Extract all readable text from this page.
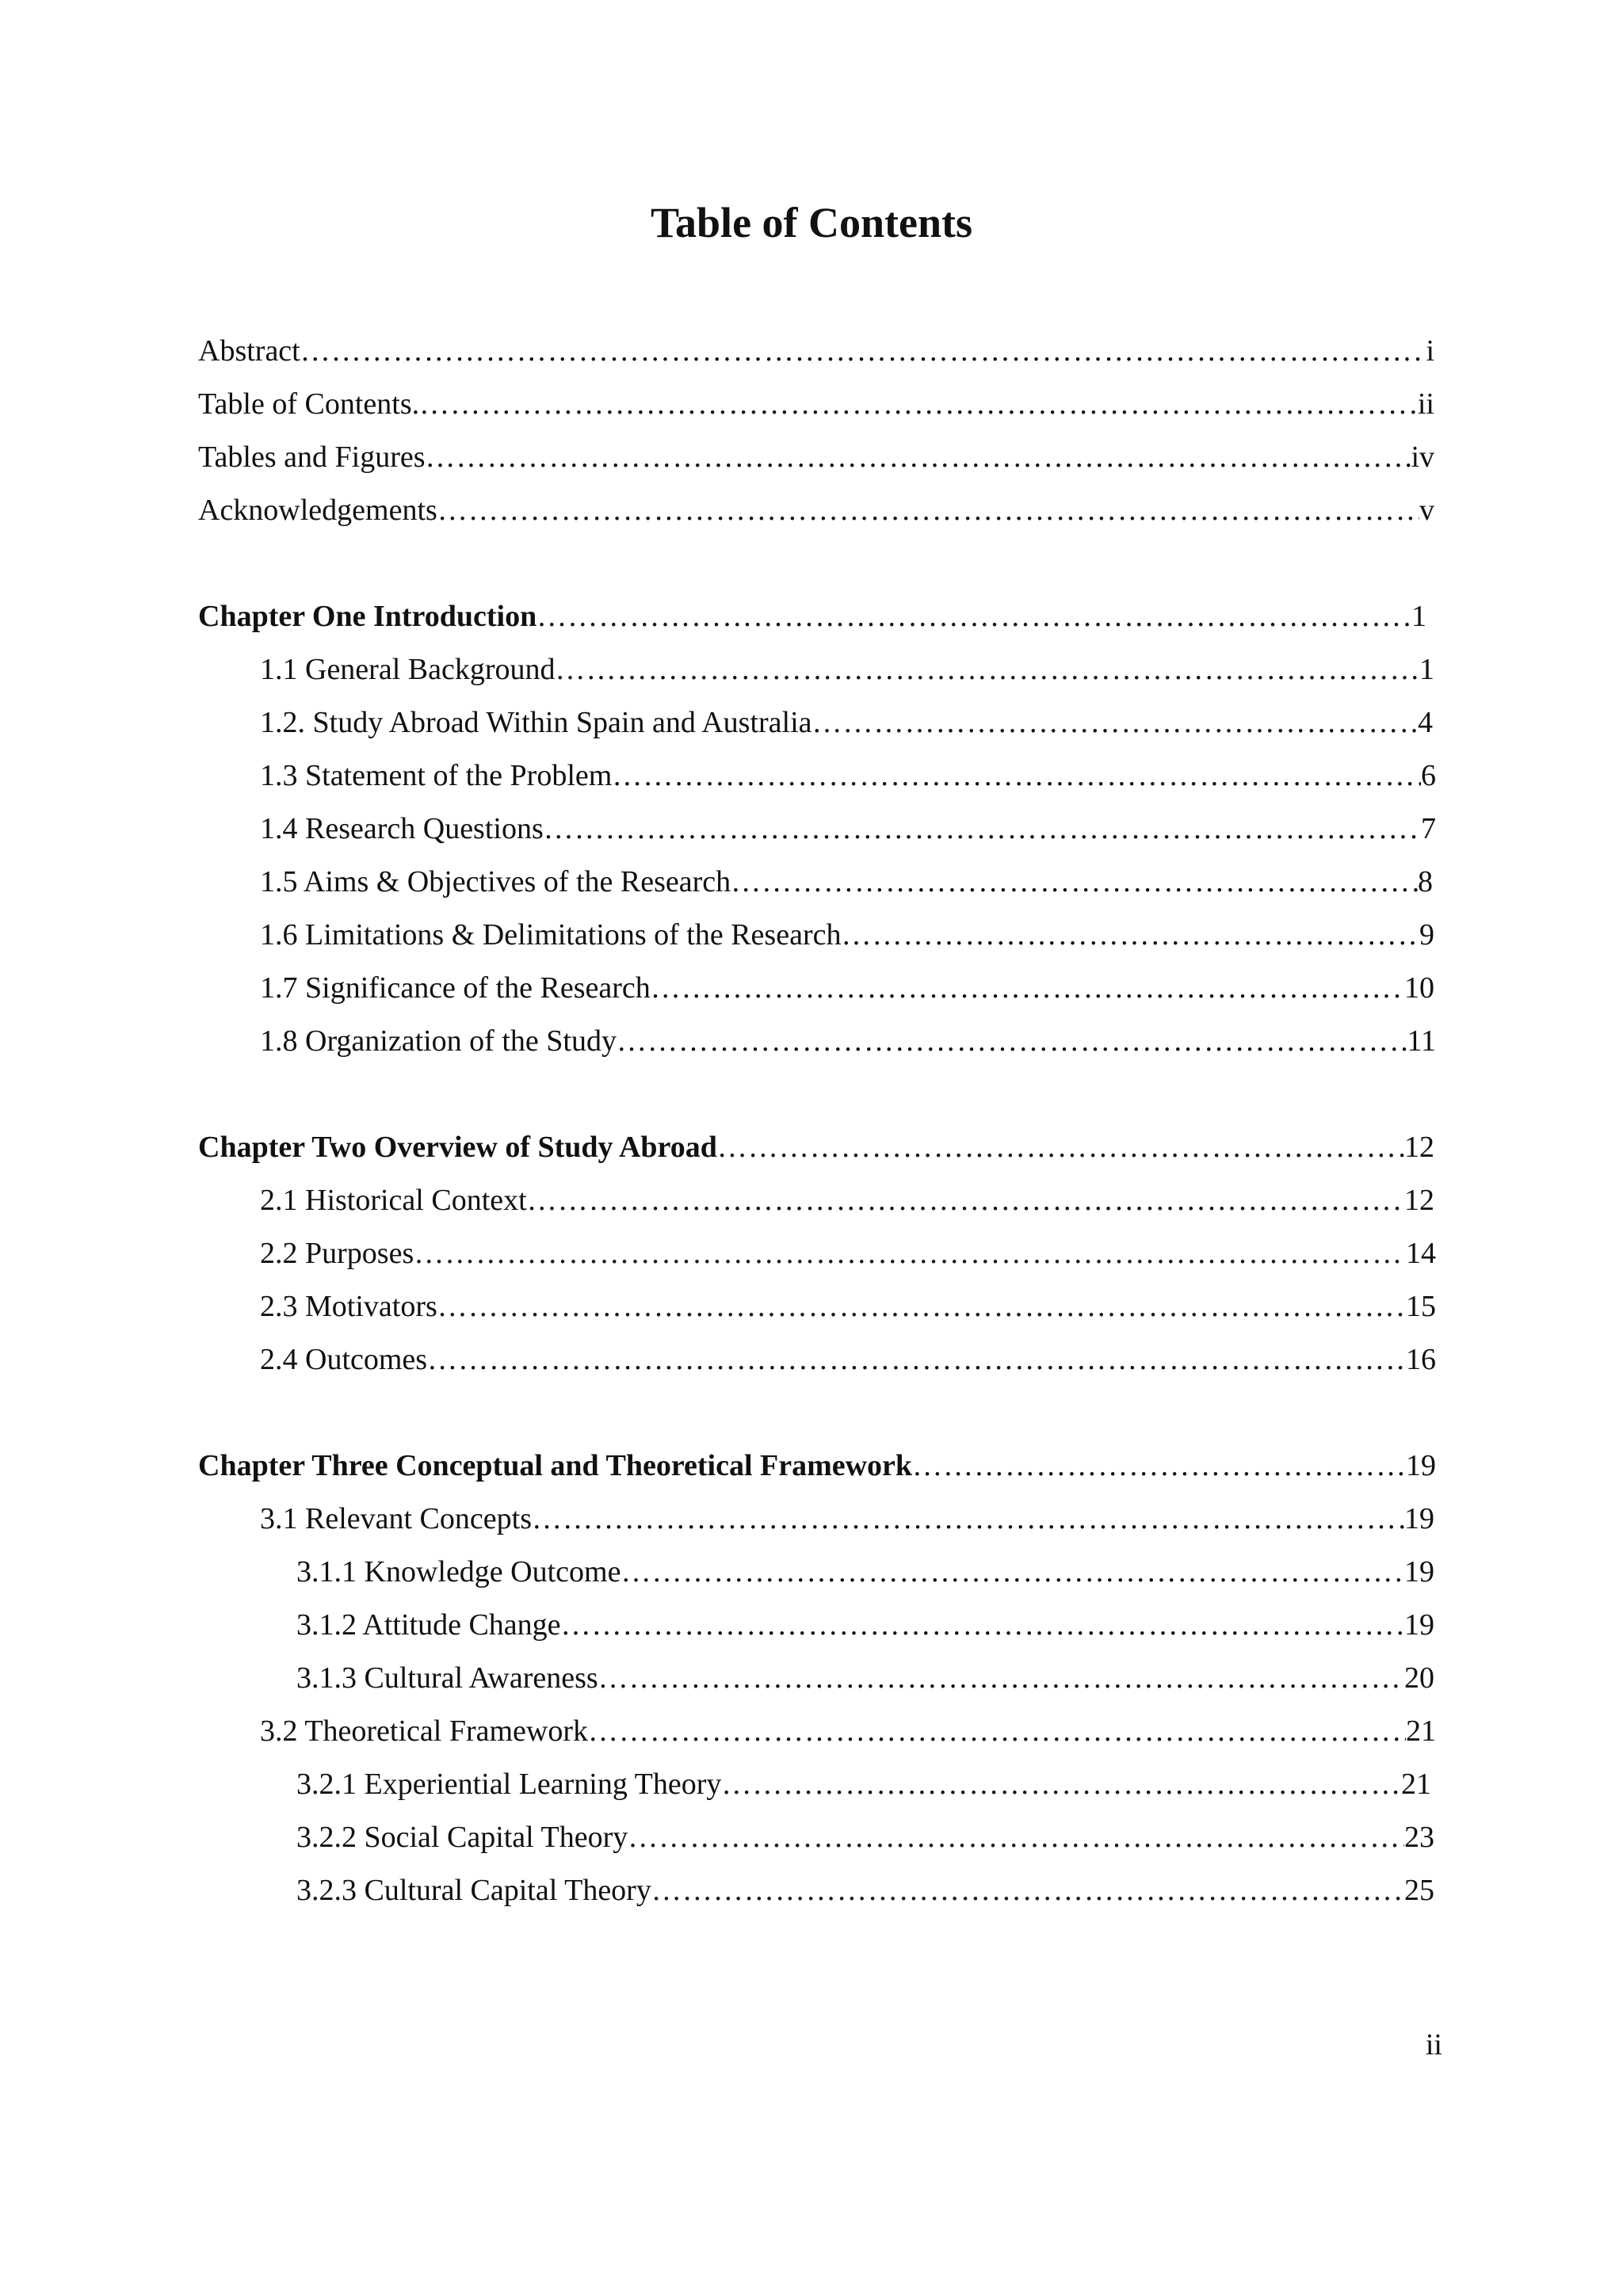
Table of Contents
Abstract ……………………………………………………………………………………………………………………………………………………………………………………………………	i
Table of Contents. ……………………………………………………………………………………………………………………………………………………………………………………………………	ii
Tables and Figures ……………………………………………………………………………………………………………………………………………………………………………………………………	iv
Acknowledgements ……………………………………………………………………………………………………………………………………………………………………………………………………	v
Chapter One Introduction ……………………………………………………………………………………………………………………………………………………………………………………………………	1
1.1 General Background ……………………………………………………………………………………………………………………………………………………………………………………………………	1
1.2. Study Abroad Within Spain and Australia ……………………………………………………………………………………………………………………………………………………………………………………………………	4
1.3 Statement of the Problem ……………………………………………………………………………………………………………………………………………………………………………………………………	6
1.4 Research Questions ……………………………………………………………………………………………………………………………………………………………………………………………………	7
1.5 Aims & Objectives of the Research ……………………………………………………………………………………………………………………………………………………………………………………………………	8
1.6 Limitations & Delimitations of the Research ……………………………………………………………………………………………………………………………………………………………………………………………………	9
1.7 Significance of the Research ……………………………………………………………………………………………………………………………………………………………………………………………………	10
1.8 Organization of the Study ……………………………………………………………………………………………………………………………………………………………………………………………………	11
Chapter Two Overview of Study Abroad ……………………………………………………………………………………………………………………………………………………………………………………………………	12
2.1 Historical Context ……………………………………………………………………………………………………………………………………………………………………………………………………	12
2.2 Purposes ……………………………………………………………………………………………………………………………………………………………………………………………………	14
2.3 Motivators ……………………………………………………………………………………………………………………………………………………………………………………………………	15
2.4 Outcomes ……………………………………………………………………………………………………………………………………………………………………………………………………	16
Chapter Three Conceptual and Theoretical Framework ……………………………………………………………………………………………………………………………………………………………………………………………………	19
3.1 Relevant Concepts ……………………………………………………………………………………………………………………………………………………………………………………………………	19
3.1.1 Knowledge Outcome ……………………………………………………………………………………………………………………………………………………………………………………………………	19
3.1.2 Attitude Change ……………………………………………………………………………………………………………………………………………………………………………………………………	19
3.1.3 Cultural Awareness ……………………………………………………………………………………………………………………………………………………………………………………………………	20
3.2 Theoretical Framework ……………………………………………………………………………………………………………………………………………………………………………………………………	21
3.2.1 Experiential Learning Theory ……………………………………………………………………………………………………………………………………………………………………………………………………	21
3.2.2 Social Capital Theory ……………………………………………………………………………………………………………………………………………………………………………………………………	23
3.2.3 Cultural Capital Theory ……………………………………………………………………………………………………………………………………………………………………………………………………	25
ii
